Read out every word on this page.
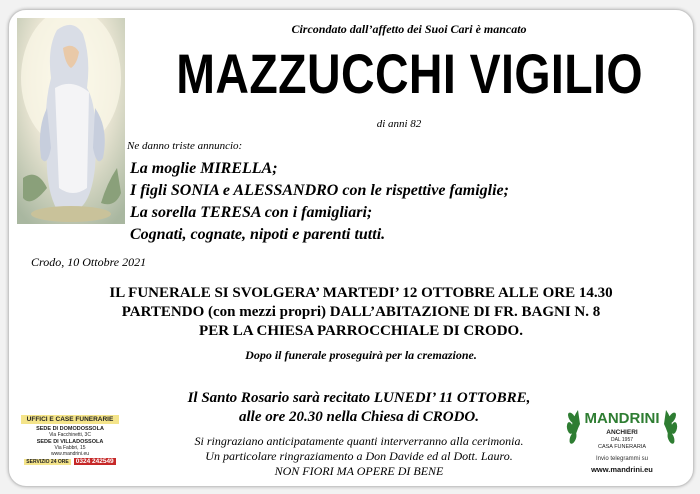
Circondato dall’affetto dei Suoi Cari è mancato
MAZZUCCHI VIGILIO
di anni 82
Ne danno triste annuncio:
La moglie MIRELLA;
I figli SONIA e ALESSANDRO con le rispettive famiglie;
La sorella TERESA con i famigliari;
Cognati, cognate, nipoti e parenti tutti.
Crodo, 10 Ottobre 2021
IL FUNERALE SI SVOLGERA’ MARTEDI’ 12 OTTOBRE ALLE ORE 14.30
PARTENDO (con mezzi propri) DALL’ABITAZIONE DI FR. BAGNI N. 8
PER LA CHIESA PARROCCHIALE DI CRODO.
Dopo il funerale proseguirà per la cremazione.
Il Santo Rosario sarà recitato LUNEDI’ 11 OTTOBRE,
alle ore 20.30 nella Chiesa di CRODO.
Si ringraziano anticipatamente quanti interverranno alla cerimonia.
Un particolare ringraziamento a Don Davide ed al Dott. Lauro.
NON FIORI MA OPERE DI BENE
UFFICI E CASE FUNERARIE
SEDE DI DOMODOSSOLA
Via Facchinetti, 3C
SEDE DI VILLADOSSOLA
Via Fabbri, 15
www.mandrini.eu
SERVIZIO 24 ORE	0324 242549
MANDRINI
ANCHIERI
DAL 1957
CASA FUNERARIA
Invio telegrammi su
www.mandrini.eu
